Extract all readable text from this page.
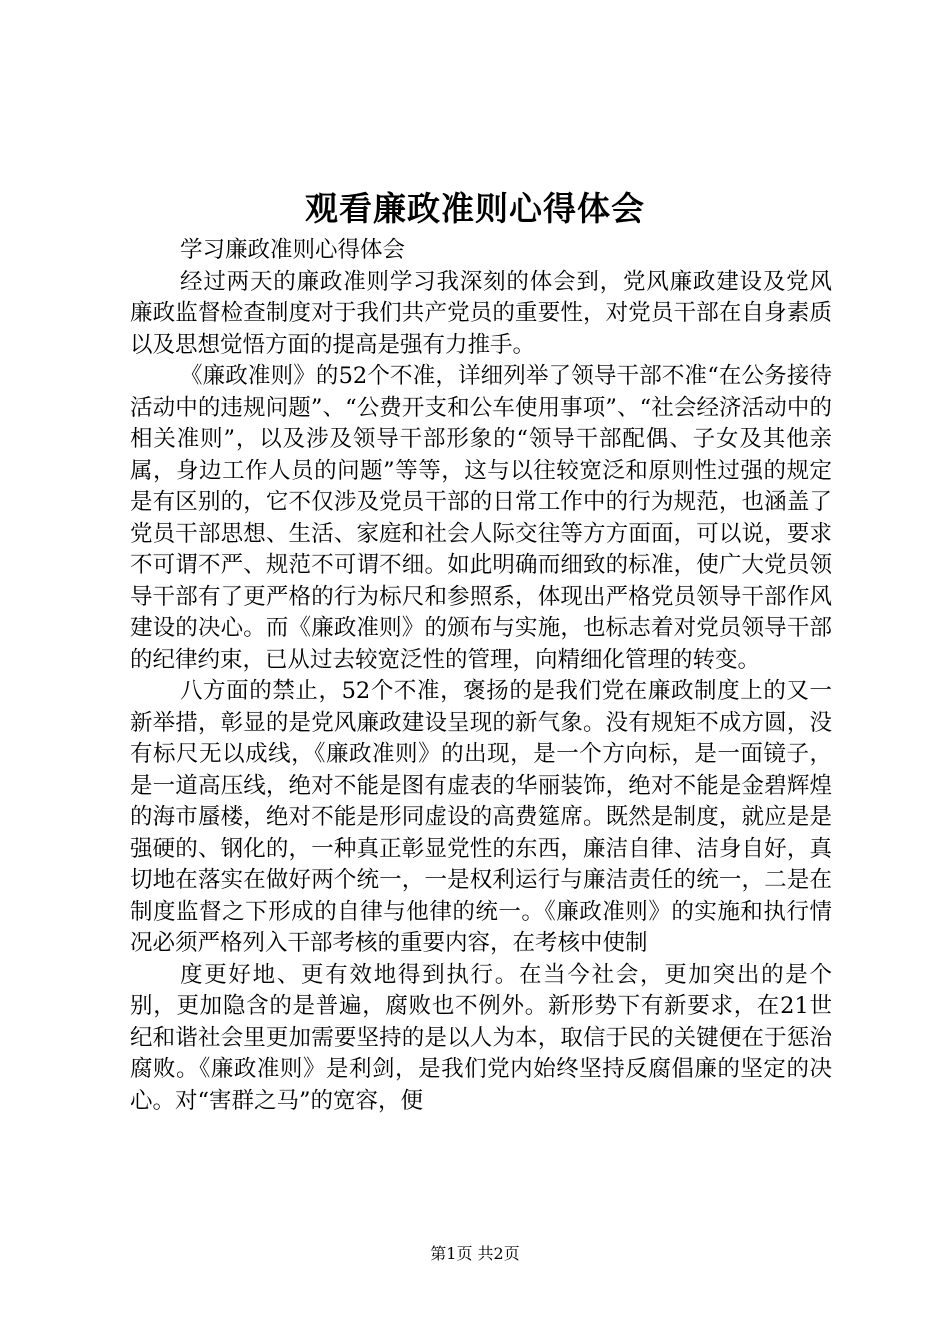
观看廉政准则心得体会

学习廉政准则心得体会

经过两天的廉政准则学习我深刻的体会到，党风廉政建设及党风廉政监督检查制度对于我们共产党员的重要性，对党员干部在自身素质以及思想觉悟方面的提高是强有力推手。

《廉政准则》的52个不准，详细列举了领导干部不准“在公务接待活动中的违规问题”、“公费开支和公车使用事项”、“社会经济活动中的相关准则”，以及涉及领导干部形象的“领导干部配偶、子女及其他亲属，身边工作人员的问题”等等，这与以往较宽泛和原则性过强的规定是有区别的，它不仅涉及党员干部的日常工作中的行为规范，也涵盖了党员干部思想、生活、家庭和社会人际交往等方方面面，可以说，要求不可谓不严、规范不可谓不细。如此明确而细致的标准，使广大党员领导干部有了更严格的行为标尺和参照系，体现出严格党员领导干部作风建设的决心。而《廉政准则》的颁布与实施，也标志着对党员领导干部的纪律约束，已从过去较宽泛性的管理，向精细化管理的转变。

八方面的禁止，52个不准，褒扬的是我们党在廉政制度上的又一新举措，彰显的是党风廉政建设呈现的新气象。没有规矩不成方圆，没有标尺无以成线，《廉政准则》的出现，是一个方向标，是一面镜子，是一道高压线，绝对不能是图有虚表的华丽装饰，绝对不能是金碧辉煌的海市蜃楼，绝对不能是形同虚设的高费筵席。既然是制度，就应是是强硬的、钢化的，一种真正彰显党性的东西，廉洁自律、洁身自好，真切地在落实在做好两个统一，一是权利运行与廉洁责任的统一，二是在制度监督之下形成的自律与他律的统一。《廉政准则》的实施和执行情况必须严格列入干部考核的重要内容，在考核中使制

度更好地、更有效地得到执行。在当今社会，更加突出的是个别，更加隐含的是普遍，腐败也不例外。新形势下有新要求，在21世纪和谐社会里更加需要坚持的是以人为本，取信于民的关键便在于惩治腐败。《廉政准则》是利剑，是我们党内始终坚持反腐倡廉的坚定的决心。对“害群之马”的宽容，便

第1页 共2页
